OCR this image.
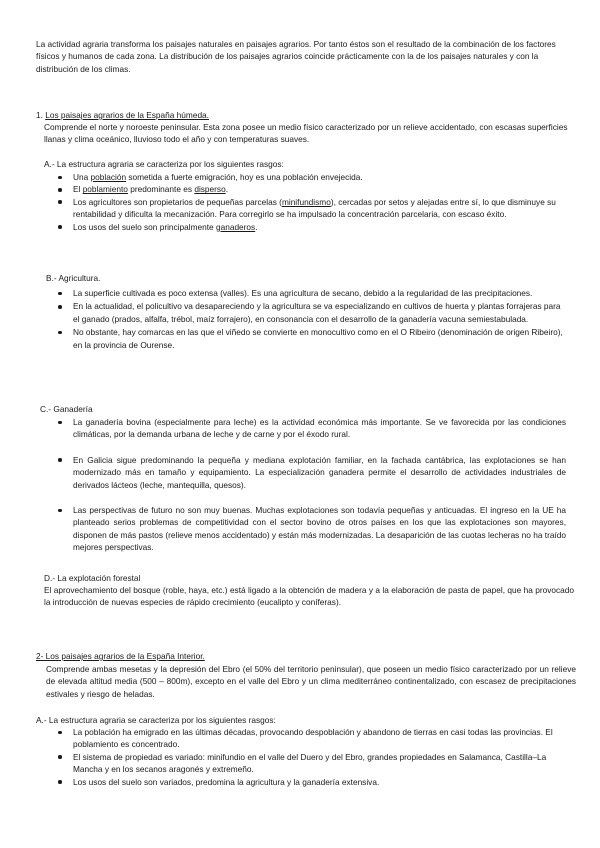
La actividad agraria transforma los paisajes naturales en paisajes agrarios. Por tanto éstos son el resultado de la combinación de los factores físicos y humanos de cada zona. La distribución de los paisajes agrarios coincide prácticamente con la de los paisajes naturales y con la distribución de los climas.

1. Los paisajes agrarios de la España húmeda.

Comprende el norte y noroeste peninsular. Esta zona posee un medio físico caracterizado por un relieve accidentado, con escasas superficies llanas y clima oceánico, lluvioso todo el año y con temperaturas suaves.

A.- La estructura agraria se caracteriza por los siguientes rasgos:

Una población sometida a fuerte emigración, hoy es una población envejecida.
El poblamiento predominante es disperso.
Los agricultores son propietarios de pequeñas parcelas (minifundismo), cercadas por setos y alejadas entre sí, lo que disminuye su rentabilidad y dificulta la mecanización. Para corregirlo se ha impulsado la concentración parcelaria, con escaso éxito.
Los usos del suelo son principalmente ganaderos.

B.- Agricultura.

La superficie cultivada es poco extensa (valles). Es una agricultura de secano, debido a la regularidad de las precipitaciones.
En la actualidad, el policultivo va desapareciendo y la agricultura se va especializando en cultivos de huerta y plantas forrajeras para el ganado (prados, alfalfa, trébol, maíz forrajero), en consonancia con el desarrollo de la ganadería vacuna semiestabulada.
No obstante, hay comarcas en las que el viñedo se convierte en monocultivo como en el O Ribeiro (denominación de origen Ribeiro), en la provincia de Ourense.

C.- Ganadería

La ganadería bovina (especialmente para leche) es la actividad económica más importante. Se ve favorecida por las condiciones climáticas, por la demanda urbana de leche y de carne y por el éxodo rural.
En Galicia sigue predominando la pequeña y mediana explotación familiar, en la fachada cantábrica, las explotaciones se han modernizado más en tamaño y equipamiento. La especialización ganadera permite el desarrollo de actividades industriales de derivados lácteos (leche, mantequilla, quesos).
Las perspectivas de futuro no son muy buenas. Muchas explotaciones son todavía pequeñas y anticuadas. El ingreso en la UE ha planteado serios problemas de competitividad con el sector bovino de otros países en los que las explotaciones son mayores, disponen de más pastos (relieve menos accidentado) y están más modernizadas. La desaparición de las cuotas lecheras no ha traído mejores perspectivas.

D.- La explotación forestal

El aprovechamiento del bosque (roble, haya, etc.) está ligado a la obtención de madera y a la elaboración de pasta de papel, que ha provocado la introducción de nuevas especies de rápido crecimiento (eucalipto y coníferas).

2- Los paisajes agrarios de la España Interior.

Comprende ambas mesetas y la depresión del Ebro (el 50% del territorio peninsular), que poseen un medio físico caracterizado por un relieve de elevada altitud media (500 – 800m), excepto en el valle del Ebro y un clima mediterráneo continentalizado, con escasez de precipitaciones estivales y riesgo de heladas.

A.- La estructura agraria se caracteriza por los siguientes rasgos:

La población ha emigrado en las últimas décadas, provocando despoblación y abandono de tierras en casi todas las provincias. El poblamiento es concentrado.
El sistema de propiedad es variado: minifundio en el valle del Duero y del Ebro, grandes propiedades en Salamanca, Castilla–La Mancha y en los secanos aragonés y extremeño.
Los usos del suelo son variados, predomina la agricultura y la ganadería extensiva.
